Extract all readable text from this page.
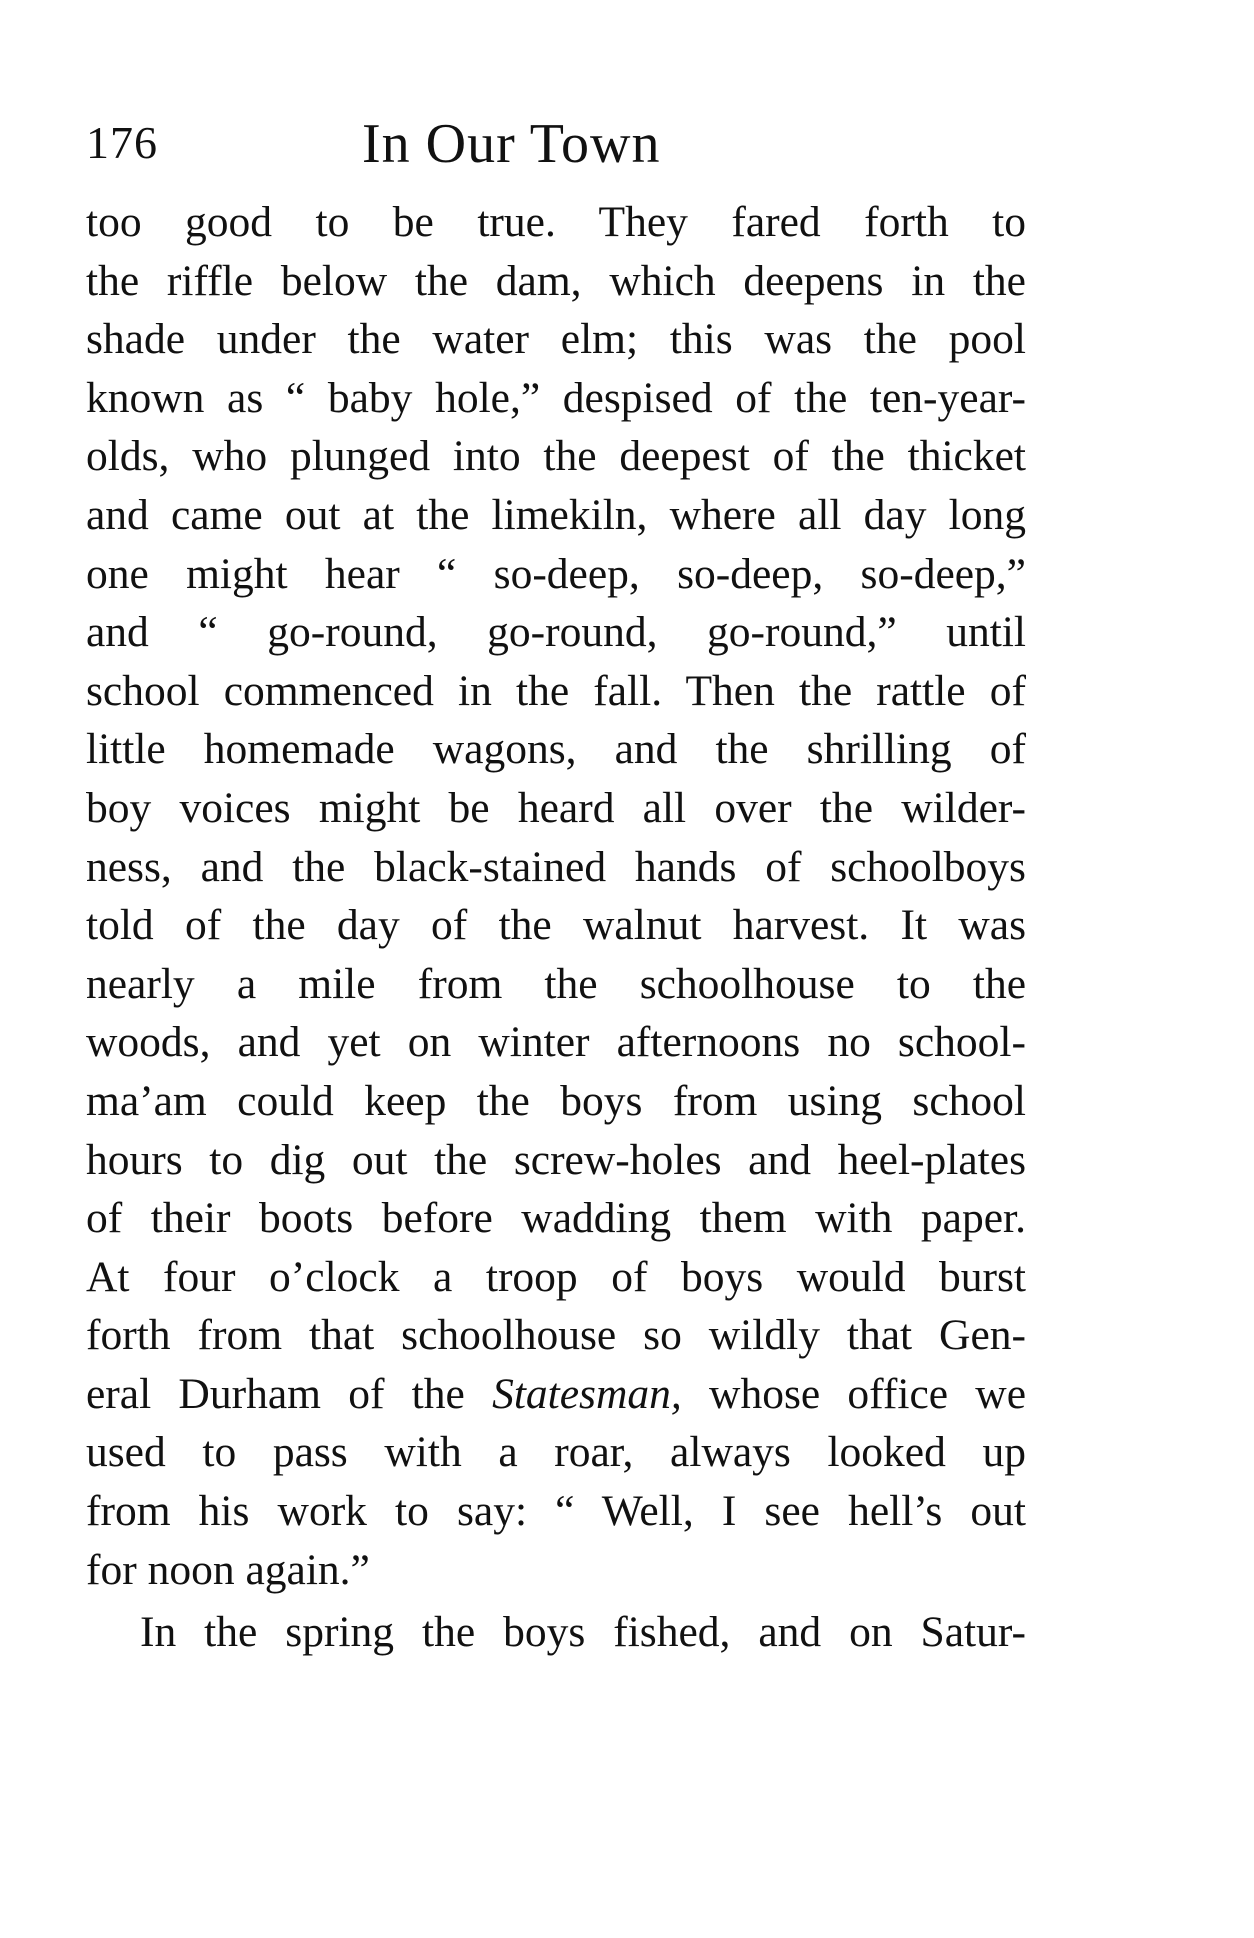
176	In Our Town
too good to be true. They fared forth to
the riffle below the dam, which deepens in the
shade under the water elm; this was the pool
known as “ baby hole,” despised of the ten-year-
olds, who plunged into the deepest of the thicket
and came out at the limekiln, where all day long
one might hear “ so-deep, so-deep, so-deep,”
and “ go-round, go-round, go-round,” until
school commenced in the fall. Then the rattle of
little homemade wagons, and the shrilling of
boy voices might be heard all over the wilder-
ness, and the black-stained hands of schoolboys
told of the day of the walnut harvest. It was
nearly a mile from the schoolhouse to the
woods, and yet on winter afternoons no school-
ma’am could keep the boys from using school
hours to dig out the screw-holes and heel-plates
of their boots before wadding them with paper.
At four o’clock a troop of boys would burst
forth from that schoolhouse so wildly that Gen-
eral Durham of the Statesman, whose office we
used to pass with a roar, always looked up
from his work to say: “ Well, I see hell’s out
for noon again.”
In the spring the boys fished, and on Satur-
